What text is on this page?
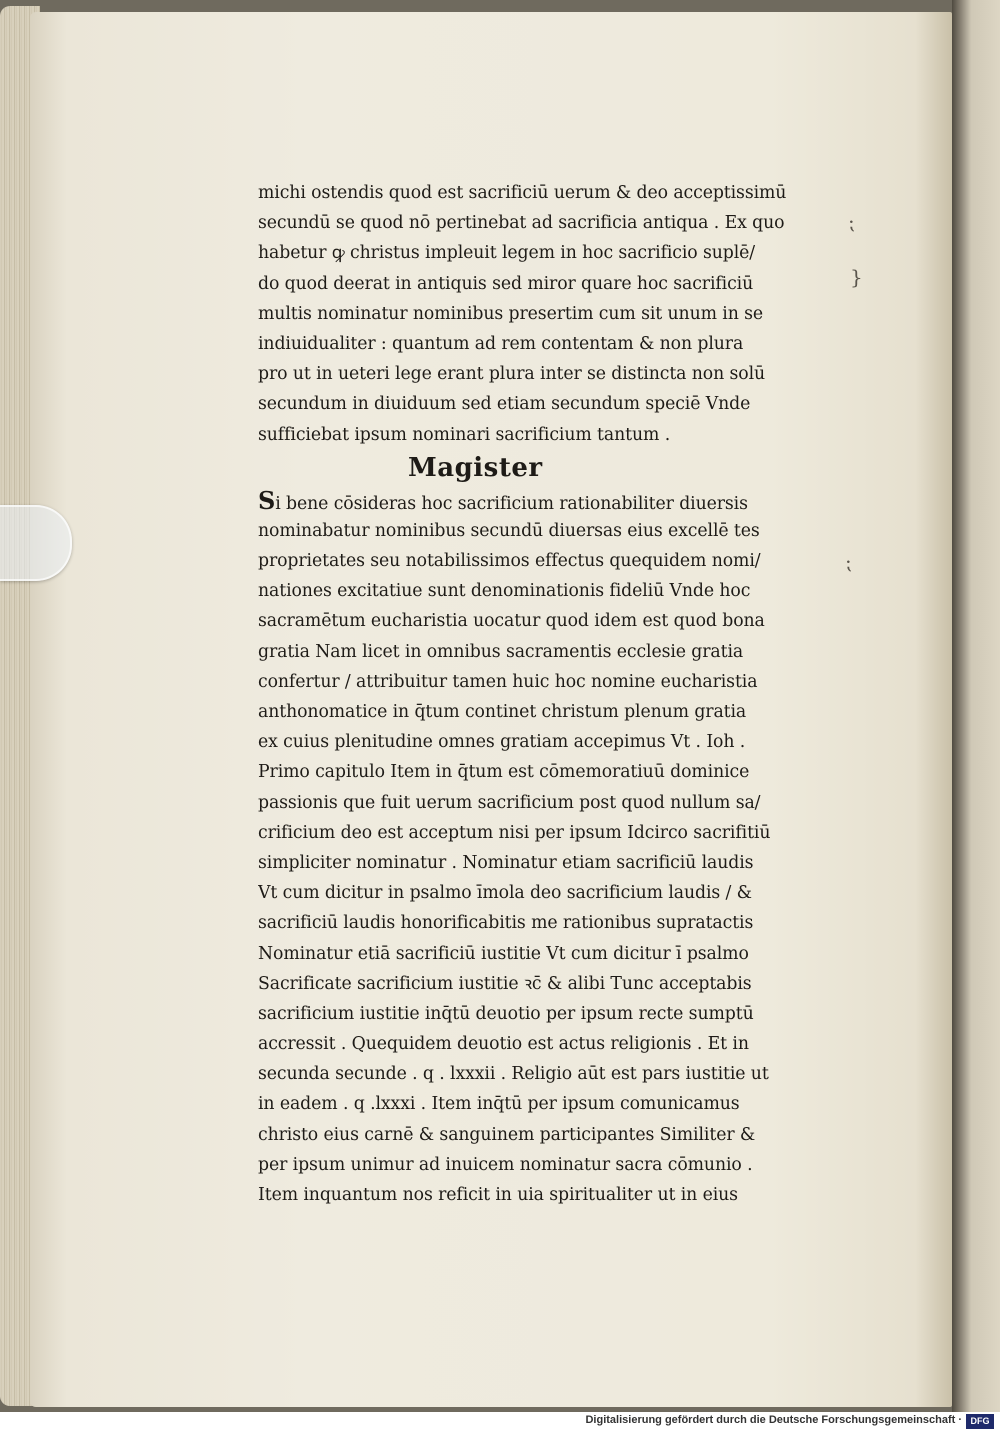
michi ostendis quod est sacrificiū uerum & deo acceptissimū
secundū se quod nō pertinebat ad sacrificia antiqua . Ex quo
habetur ꝙ christus impleuit legem in hoc sacrificio suplē/
do quod deerat in antiquis sed miror quare hoc sacrificiū
multis nominatur nominibus presertim cum sit unum in se
indiuidualiter : quantum ad rem contentam & non plura
pro ut in ueteri lege erant plura inter se distincta non solū
secundum in diuiduum sed etiam secundum speciē Vnde
sufficiebat ipsum nominari sacrificium tantum .
Magister
Si bene cōsideras hoc sacrificium rationabiliter diuersis
nominabatur nominibus secundū diuersas eius excellē tes
proprietates seu notabilissimos effectus quequidem nomi/
nationes excitatiue sunt denominationis fideliū Vnde hoc
sacramētum eucharistia uocatur quod idem est quod bona
gratia Nam licet in omnibus sacramentis ecclesie gratia
confertur / attribuitur tamen huic hoc nomine eucharistia
anthonomatice in q̄tum continet christum plenum gratia
ex cuius plenitudine omnes gratiam accepimus Vt . Ioh .
Primo capitulo Item in q̄tum est cōmemoratiuū dominice
passionis que fuit uerum sacrificium post quod nullum sa/
crificium deo est acceptum nisi per ipsum Idcirco sacrifitiū
simpliciter nominatur . Nominatur etiam sacrificiū laudis
Vt cum dicitur in psalmo īmola deo sacrificium laudis / &
sacrificiū laudis honorificabitis me rationibus supratactis
Nominatur etiā sacrificiū iustitie Vt cum dicitur ī psalmo
Sacrificate sacrificium iustitie ꝛc̄ & alibi Tunc acceptabis
sacrificium iustitie inq̄tū deuotio per ipsum recte sumptū
accressit . Quequidem deuotio est actus religionis . Et in
secunda secunde . q . lxxxii . Religio aūt est pars iustitie ut
in eadem . q .lxxxi . Item inq̄tū per ipsum comunicamus
christo eius carnē & sanguinem participantes Similiter &
per ipsum unimur ad inuicem nominatur sacra cōmunio .
Item inquantum nos reficit in uia spiritualiter ut in eius
⁏
}
⁏
Digitalisierung gefördert durch die Deutsche Forschungsgemeinschaft · DFG
